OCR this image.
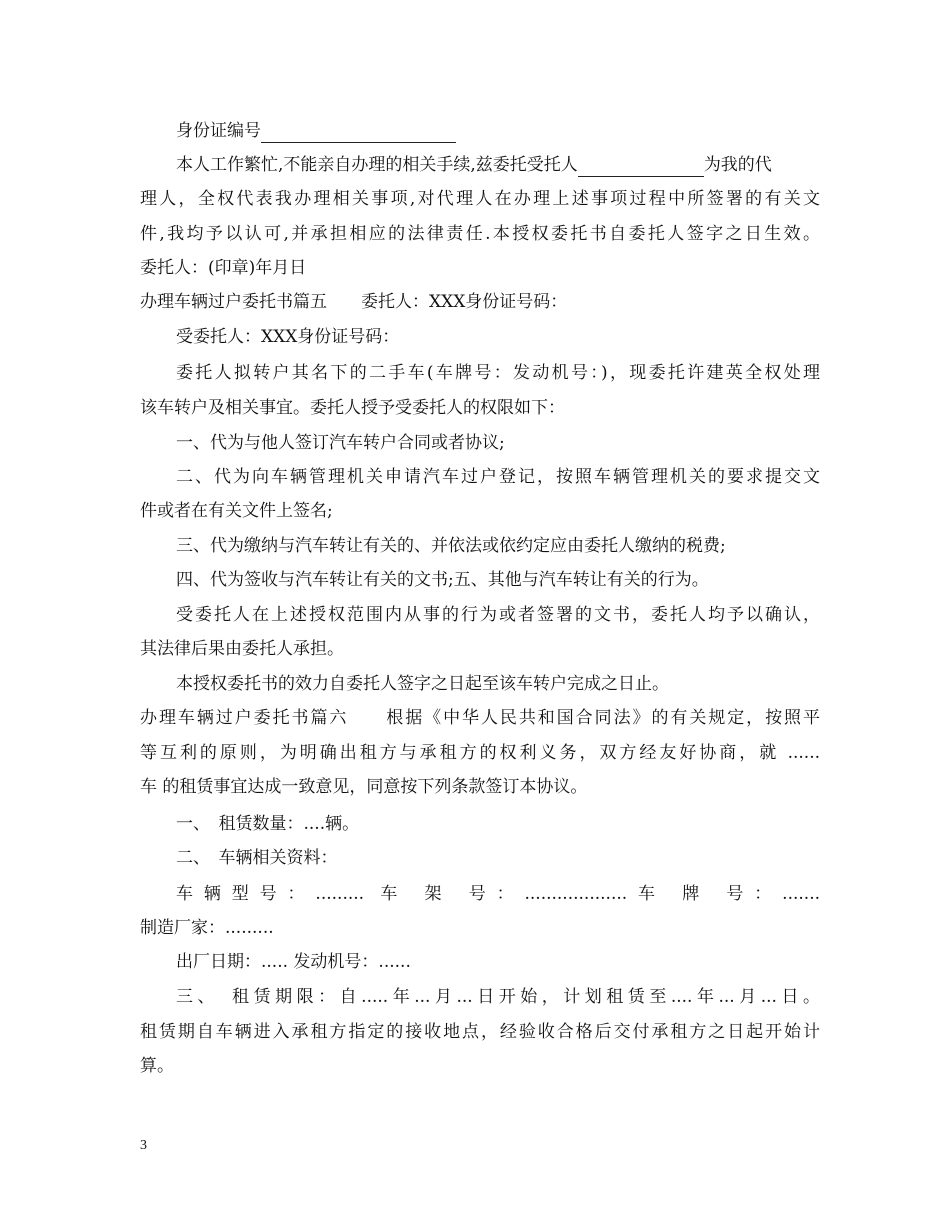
身份证编号
本人工作繁忙,不能亲自办理的相关手续,兹委托受托人	为我的代
理人，全权代表我办理相关事项,对代理人在办理上述事项过程中所签署的有关文
件,我均予以认可,并承担相应的法律责任.本授权委托书自委托人签字之日生效。
委托人：(印章)年月日
办理车辆过户委托书篇五　　委托人：XXX身份证号码：
受委托人：XXX身份证号码：
委托人拟转户其名下的二手车(车牌号：发动机号：)，现委托许建英全权处理
该车转户及相关事宜。委托人授予受委托人的权限如下：
一、代为与他人签订汽车转户合同或者协议;
二、代为向车辆管理机关申请汽车过户登记，按照车辆管理机关的要求提交文
件或者在有关文件上签名;
三、代为缴纳与汽车转让有关的、并依法或依约定应由委托人缴纳的税费;
四、代为签收与汽车转让有关的文书;五、其他与汽车转让有关的行为。
受委托人在上述授权范围内从事的行为或者签署的文书，委托人均予以确认，
其法律后果由委托人承担。
本授权委托书的效力自委托人签字之日起至该车转户完成之日止。
办理车辆过户委托书篇六　　根据《中华人民共和国合同法》的有关规定，按照平
等互利的原则，为明确出租方与承租方的权利义务，双方经友好协商，就 ......
车 的租赁事宜达成一致意见，同意按下列条款签订本协议。
一、　租赁数量：....辆。
二、　车辆相关资料：
车辆型号：......... 车 架 号：...................车 牌 号：.......
制造厂家：.........
出厂日期：..... 发动机号：......
三、　租赁期限：自.....年...月...日开始，计划租赁至....年...月...日。
租赁期自车辆进入承租方指定的接收地点，经验收合格后交付承租方之日起开始计
算。
3
